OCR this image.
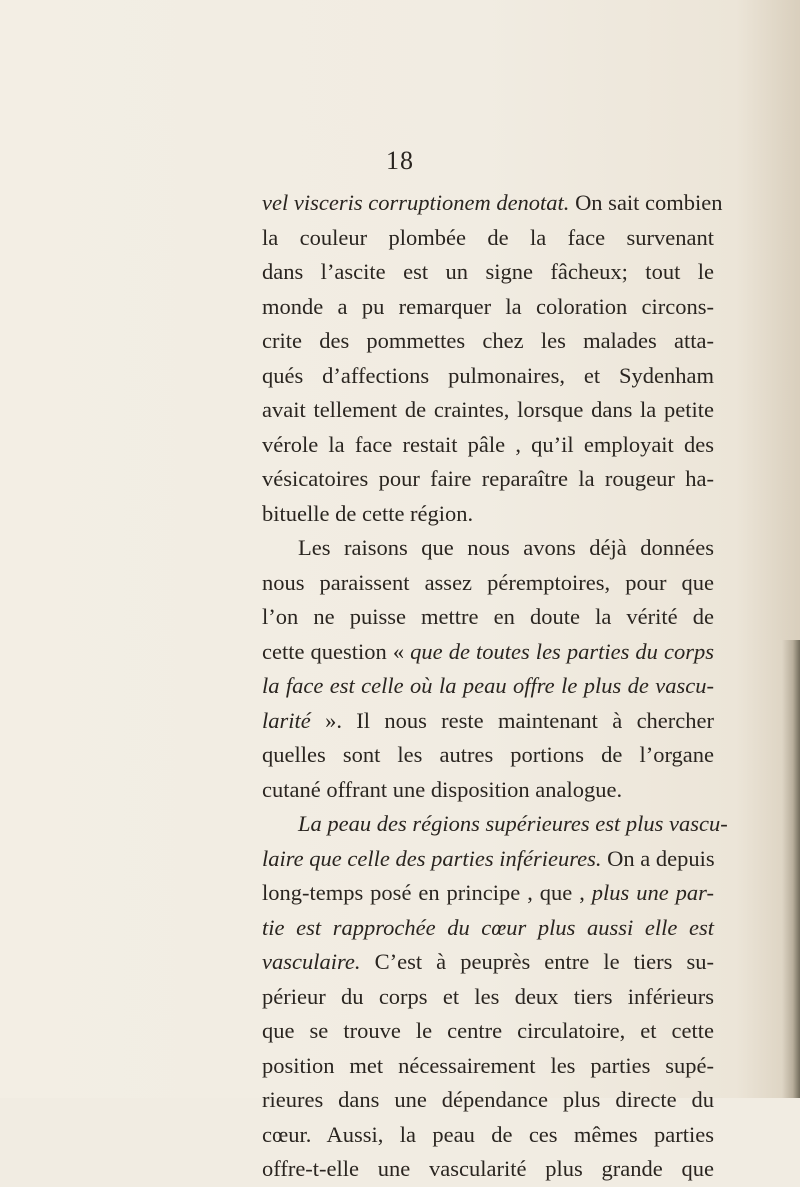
18
vel visceris corruptionem denotat. On sait combien
la couleur plombée de la face survenant
dans l’ascite est un signe fâcheux; tout le
monde a pu remarquer la coloration circons-
crite des pommettes chez les malades atta-
qués d’affections pulmonaires, et Sydenham
avait tellement de craintes, lorsque dans la petite
vérole la face restait pâle , qu’il employait des
vésicatoires pour faire reparaître la rougeur ha-
bituelle de cette région.
Les raisons que nous avons déjà données
nous paraissent assez péremptoires, pour que
l’on ne puisse mettre en doute la vérité de
cette question « que de toutes les parties du corps
la face est celle où la peau offre le plus de vascu-
larité ». Il nous reste maintenant à chercher
quelles sont les autres portions de l’organe
cutané offrant une disposition analogue.
La peau des régions supérieures est plus vascu-
laire que celle des parties inférieures. On a depuis
long-temps posé en principe , que , plus une par-
tie est rapprochée du cœur plus aussi elle est
vasculaire. C’est à peuprès entre le tiers su-
périeur du corps et les deux tiers inférieurs
que se trouve le centre circulatoire, et cette
position met nécessairement les parties supé-
rieures dans une dépendance plus directe du
cœur. Aussi, la peau de ces mêmes parties
offre-t-elle une vascularité plus grande que
